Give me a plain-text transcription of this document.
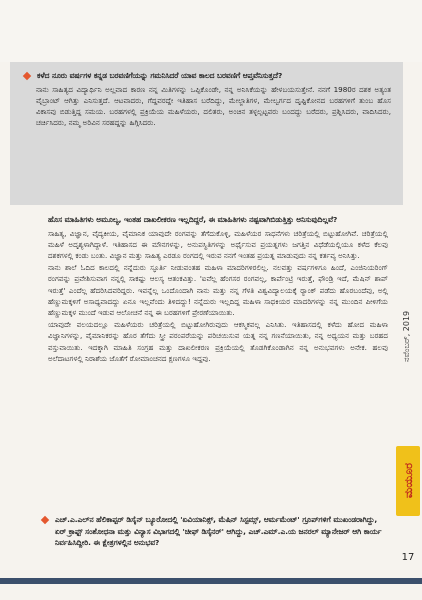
ಕಳೆದ ನೂರು ವರ್ಷಗಳ ಕನ್ನಡ ಬರವಣಿಗೆಯನ್ನು ಗಮನಿಸಿದರೆ ಯಾವ ಕಾಲದ ಬರವಣಿಗೆ ಆಪ್ತವೆನಿಸುತ್ತದೆ?
ನಾನು ಸಾಹಿತ್ಯದ ವಿದ್ಯಾರ್ಥಿನಿ ಅಲ್ಲವಾದ ಕಾರಣ ನನ್ನ ಮಿತಿಗಳನ್ನು ಒಪ್ಪಿಕೊಂಡೇ, ನನ್ನ ಅನಿಸಿಕೆಯನ್ನು ಹೇಳಬಯಸುತ್ತೇನೆ. ನನಗೆ 1980ರ ದಶಕ ಅತ್ಯಂತ ವೈಬ್ರಾಂಟ್ ಆಗಿತ್ತು ಎನಿಸುತ್ತದೆ. ಆಟವಾದರು, ಗೆದ್ದವರದ್ದೇ ಇತಿಹಾಸ ಬರೆದಿದ್ದು, ಮೇಲ್ಜಾತಿಗಳ, ಮೇಲ್ವರ್ಗದ ದೃಷ್ಟಿಕೋನದ ಬರಹಗಳಿಗೆ ತುಂಬ ಹೊಸ ವಿಕಾಸವು ಬಿಡುತ್ತಿದ್ದ ಸಮಯ. ಬರಹಗಳಲ್ಲಿ ಪ್ರಕ್ರಿಯೆಯ ಮಹಿಳೆಯರು, ದಲಿತರು, ಅಂಚಿನ ತಳ್ಳಲ್ಪಟ್ಟವರು ಬಂದದ್ದು ಬರೆದರು, ಪ್ರಶ್ನಿಸಿದರು, ವಾದಿಸಿದರು, ಚರ್ಚಿಸಿದರು, ನಮ್ಮ ಅರಿವಿನ ಸರಹದ್ದನ್ನು ಹಿಗ್ಗಿಸಿದರು.
ಹೊಸ ಮಾಹಿತಿಗಳು ಅಮೂಲ್ಯ, ಇಂತಹ ದಾಖಲೀಕರಣ ಇಲ್ಲದಿದ್ದರೆ, ಈ ಮಾಹಿತಿಗಳು ನಷ್ಟವಾಗಿಬಿಡುತ್ತಿತ್ತು ಅನಿಸುವುದಿಲ್ಲವೆ?

ಸಾಹಿತ್ಯ, ವಿಜ್ಞಾನ, ವೈದ್ಯಕೀಯ, ವೈಮಾನಿಕ ಯಾವುದೇ ರಂಗವನ್ನು ತೆಗೆದುಕೊಳ್ಳಿ, ಮಹಿಳೆಯರ ಸಾಧನೆಗಳು ಚರಿತ್ರೆಯಲ್ಲಿ ಬಿಟ್ಟುಹೋಗಿವೆ. ಚರಿತ್ರೆಯಲ್ಲಿ ಮಹಿಳೆ ಅದೃಶ್ಯಳಾಗಿದ್ದಾಳೆ. ಇತಿಹಾಸದ ಈ ಮೌನಗಳನ್ನು, ಅನುಪಸ್ಥಿತಿಗಳನ್ನು ಅರ್ಥೈಸುವ ಪ್ರಯತ್ನಗಳು ಜಗತ್ತಿನ ವಿಧೆಡೆಯಲ್ಲಿಯೂ ಕಳೆದ ಕೆಲವು ದಶಕಗಳಲ್ಲಿ ಕಂಡು ಬಂತು. ವಿಜ್ಞಾನ ಮತ್ತು ಸಾಹಿತ್ಯ ಎರಡೂ ರಂಗದಲ್ಲಿ ಇರುವ ನನಗೆ ಇಂತಹ ಪ್ರಯತ್ನ ಮಾಡುವುದು ನನ್ನ ಕರ್ತವ್ಯ ಅನಿಸಿತ್ತು.

ನಾನು ಶಾಲೆ ಓದಿದ ಕಾಲದಲ್ಲಿ ನನ್ನೆದುರು ಸ್ಫೂರ್ತಿ ನೀಡುವಂತಹ ಮಹಿಳಾ ಮಾದರಿಗಳಿರಲಿಲ್ಲ. ನಲವತ್ತು ವರ್ಷಗಳಿಗೂ ಹಿಂದೆ, ಎಂಜಿನಿಯರಿಂಗ್ ರಂಗವನ್ನು ಪ್ರವೇಶಿಸುವಾಗ ನನ್ನಲ್ಲಿ ಸಾಕಷ್ಟು ಆಲಸ್ಯ ಆತಂಕವಿತ್ತು. 'ಐವೆಲ್ಲ ಹೆಂಗಸರ ರಂಗವಲ್ಲ, ಕಾರ್ಪೆಂಟ್ರಿ ಇರುತ್ತೆ, ಫೌಂಡ್ರಿ ಇದೆ, ಮೆಷಿನ್ ಶಾಪ್ ಇರುತ್ತೆ' ಎಂದೆಲ್ಲ ಹೆದರಿಸಿದವರಿದ್ದರು. ಇವನ್ನೆಲ್ಲ ಒಂದೊಂದಾಗಿ ನಾನು ಮತ್ತು ನನ್ನ ಗೆಳತಿ ವಿಶ್ವವಿದ್ಯಾಲಯಕ್ಕೆ ರ‍್ಯಾಂಕ್ ಪಡೆದು ಹೊರಬಂದೆವು, ಅಲ್ಲಿ ಹೆಣ್ಣುಮಕ್ಕಳಿಗೆ ಅಸಾಧ್ಯವಾದದ್ದು ಏನೂ ಇಲ್ಲವೆಂದು ತಿಳಿದದ್ದು! ನನ್ನೆದುರು ಇಲ್ಲದಿದ್ದ ಮಹಿಳಾ ಸಾಧಕಿಯರ ಮಾದರಿಗಳನ್ನು ನನ್ನ ಮುಂದಿನ ಪೀಳಿಗೆಯ ಹೆಣ್ಣುಮಕ್ಕಳ ಮುಂದೆ ಇಡುವ ಆಲೋಚನೆ ನನ್ನ ಈ ಬರಹಗಳಿಗೆ ಪ್ರೇರಣೆಯಾಯಿತು.

ಯಾವುದೇ ವಲಯದಲ್ಲೂ ಮಹಿಳೆಯರು ಚರಿತ್ರೆಯಲ್ಲಿ ಬಿಟ್ಟುಹೋಗಿರುವುದು ಆಕಸ್ಮಿಕವಲ್ಲ ಎನಿಸಿತು. ಇತಿಹಾಸದಲ್ಲಿ ಕಳೆದು ಹೋದ ಮಹಿಳಾ ವಿಜ್ಞಾನಿಗಳನ್ನು, ವೈಮಾನಿಕರನ್ನು ಹೊರ ತೆಗೆದು ಸ್ತ್ರೀ ಪರಂಪರೆಯನ್ನು ಪರಿಚಯಿಸುವ ಯತ್ನ ನನ್ನ ಗಣನೆಯಾಯಿತು, ನನ್ನ ಅಧ್ಯಯನ ಮತ್ತು ಬರಹದ ವಸ್ತುವಾಯಿತು. ಇದಕ್ಕಾಗಿ ಮಾಹಿತಿ ಸಂಗ್ರಹ ಮತ್ತು ದಾಖಲೀಕರಣ ಪ್ರಕ್ರಿಯೆಯಲ್ಲಿ ತೊಡಗಿಕೊಂಡಾಗಿನ ನನ್ನ ಅನುಭವಗಳು ಅನೇಕ. ಹಲವು ಅಲೆದಾಟಗಳಲ್ಲಿ ನಿರಾಶೆಯ ಜೊತೆಗೆ ರೋಮಾಂಚನದ ಕ್ಷಣಗಳೂ ಇದ್ದವು.

ಎಚ್.ಎ.ಎಲ್‌ನ ಹೆಲಿಕಾಪ್ಟರ್ ಡಿಸೈನ್ ಬ್ಯೂರೋದಲ್ಲಿ 'ಏವಿಯಾನಿಕ್ಸ್, ಮೆಷಿನ್ ಸಿಸ್ಟಮ್ಸ್, ಆರ್ಮಮೆಂಟ್' ಗ್ರೂಪ್‌ಗಳಿಗೆ ಮುಖಂಡರಾಗಿದ್ದು, ಏರ್ ಕ್ರಾಫ್ಟ್ ಸಂಶೋಧನಾ ಮತ್ತು ವಿನ್ಯಾಸ ವಿಭಾಗದಲ್ಲಿ 'ಚೀಫ್ ಡಿಸೈನರ್' ಆಗಿದ್ದು, ಎಚ್.ಎಮ್.ಎ.ಯ ಜನರಲ್ ಮ್ಯಾನೇಜರ್ ಆಗಿ ಕಾರ್ಯ ನಿರ್ವಹಿಸಿದ್ದೀರಿ. ಈ ಕ್ಷೇತ್ರಗಳಲ್ಲಿನ ಅನುಭವ?
ನವೆಂಬರ್, 2019
ಮಯೂರ
17
